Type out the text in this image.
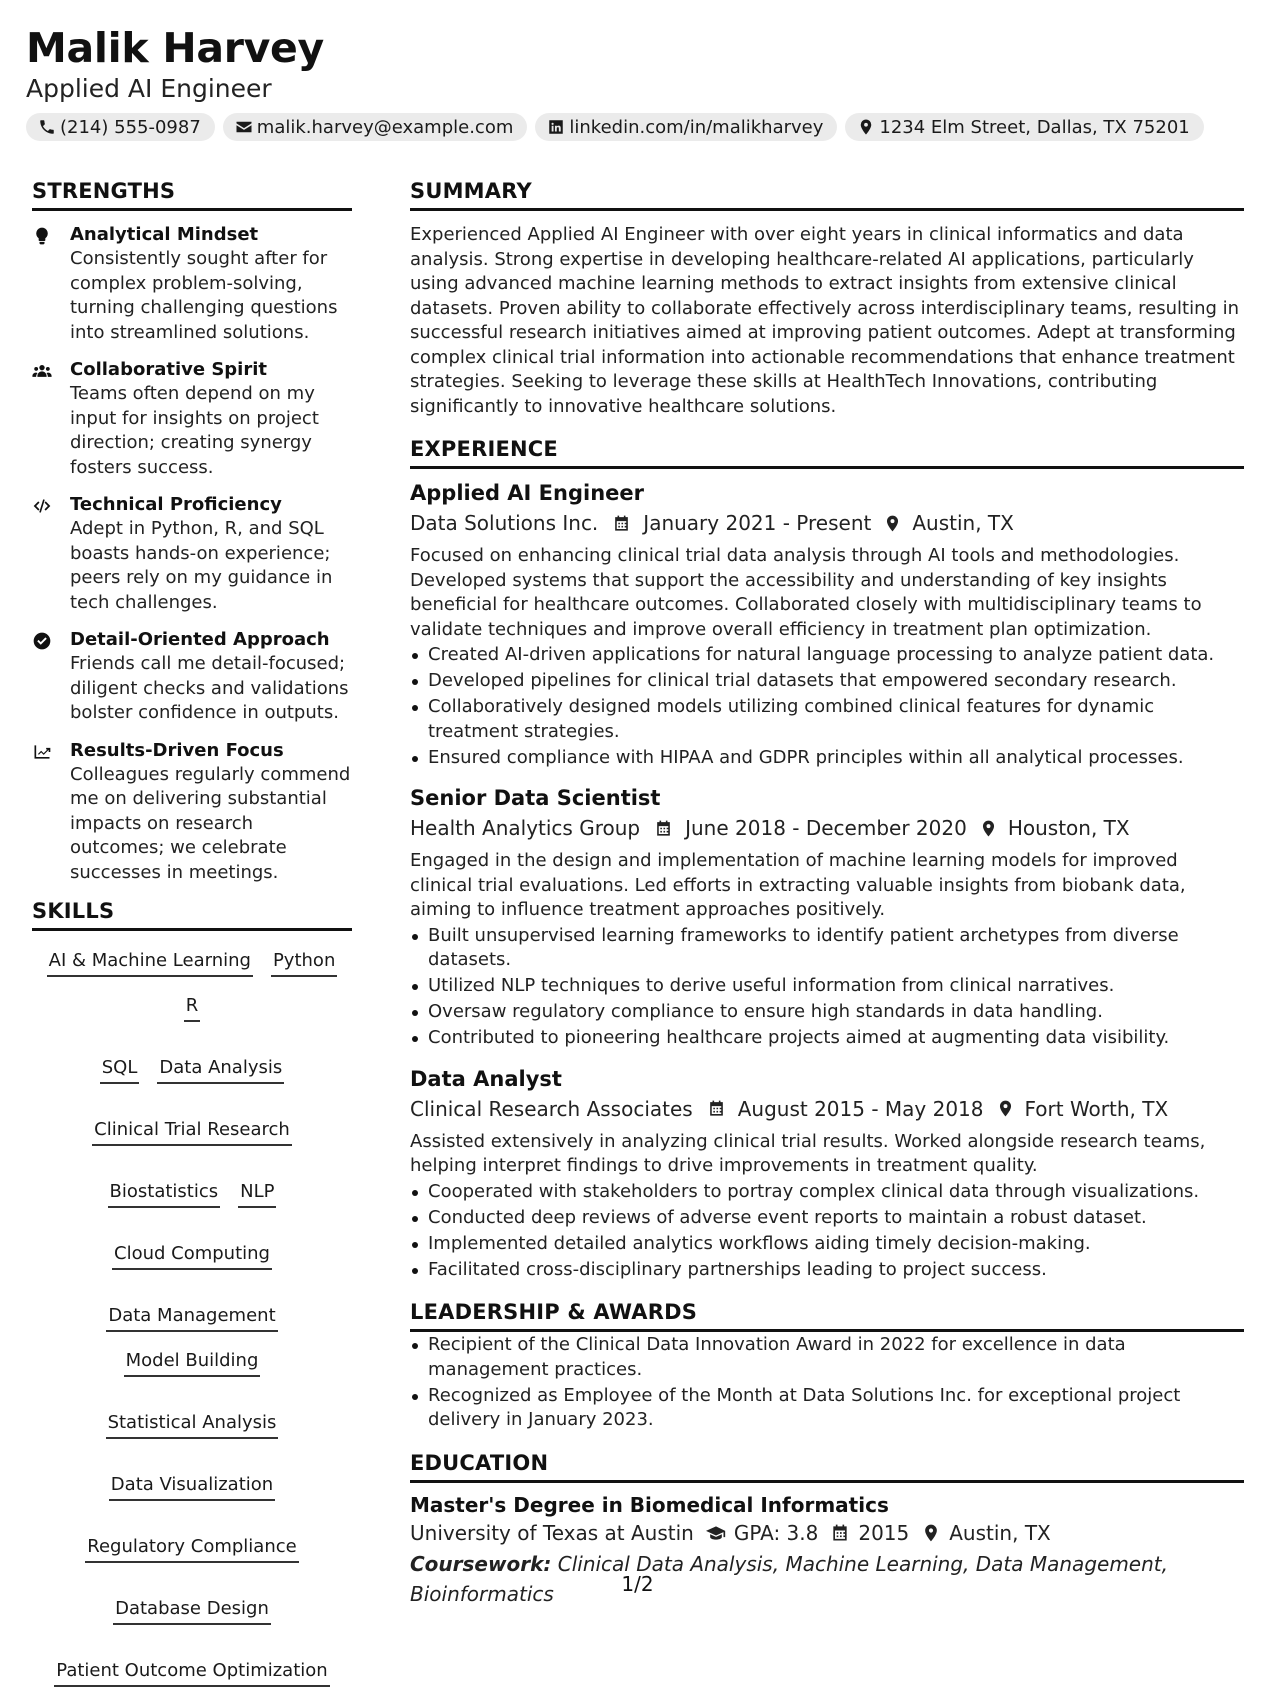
Malik Harvey
Applied AI Engineer
(214) 555-0987	malik.harvey@example.com	linkedin.com/in/malikharvey	1234 Elm Street, Dallas, TX 75201
STRENGTHS
Analytical Mindset
Consistently sought after for complex problem-solving, turning challenging questions into streamlined solutions.
Collaborative Spirit
Teams often depend on my input for insights on project direction; creating synergy fosters success.
Technical Proficiency
Adept in Python, R, and SQL boasts hands-on experience; peers rely on my guidance in tech challenges.
Detail-Oriented Approach
Friends call me detail-focused; diligent checks and validations bolster confidence in outputs.
Results-Driven Focus
Colleagues regularly commend me on delivering substantial impacts on research outcomes; we celebrate successes in meetings.
SKILLS
AI & Machine Learning Python
R
SQL Data Analysis
Clinical Trial Research
Biostatistics NLP
Cloud Computing
Data Management
Model Building
Statistical Analysis
Data Visualization
Regulatory Compliance
Database Design
Patient Outcome Optimization
SUMMARY
Experienced Applied AI Engineer with over eight years in clinical informatics and data analysis. Strong expertise in developing healthcare-related AI applications, particularly using advanced machine learning methods to extract insights from extensive clinical datasets. Proven ability to collaborate effectively across interdisciplinary teams, resulting in successful research initiatives aimed at improving patient outcomes. Adept at transforming complex clinical trial information into actionable recommendations that enhance treatment strategies. Seeking to leverage these skills at HealthTech Innovations, contributing significantly to innovative healthcare solutions.
EXPERIENCE
Applied AI Engineer
Data Solutions Inc. January 2021 - Present Austin, TX
Focused on enhancing clinical trial data analysis through AI tools and methodologies. Developed systems that support the accessibility and understanding of key insights beneficial for healthcare outcomes. Collaborated closely with multidisciplinary teams to validate techniques and improve overall efficiency in treatment plan optimization.
Created AI-driven applications for natural language processing to analyze patient data.
Developed pipelines for clinical trial datasets that empowered secondary research.
Collaboratively designed models utilizing combined clinical features for dynamic treatment strategies.
Ensured compliance with HIPAA and GDPR principles within all analytical processes.
Senior Data Scientist
Health Analytics Group June 2018 - December 2020 Houston, TX
Engaged in the design and implementation of machine learning models for improved clinical trial evaluations. Led efforts in extracting valuable insights from biobank data, aiming to influence treatment approaches positively.
Built unsupervised learning frameworks to identify patient archetypes from diverse datasets.
Utilized NLP techniques to derive useful information from clinical narratives.
Oversaw regulatory compliance to ensure high standards in data handling.
Contributed to pioneering healthcare projects aimed at augmenting data visibility.
Data Analyst
Clinical Research Associates August 2015 - May 2018 Fort Worth, TX
Assisted extensively in analyzing clinical trial results. Worked alongside research teams, helping interpret findings to drive improvements in treatment quality.
Cooperated with stakeholders to portray complex clinical data through visualizations.
Conducted deep reviews of adverse event reports to maintain a robust dataset.
Implemented detailed analytics workflows aiding timely decision-making.
Facilitated cross-disciplinary partnerships leading to project success.
LEADERSHIP & AWARDS
Recipient of the Clinical Data Innovation Award in 2022 for excellence in data management practices.
Recognized as Employee of the Month at Data Solutions Inc. for exceptional project delivery in January 2023.
EDUCATION
Master's Degree in Biomedical Informatics
University of Texas at Austin GPA: 3.8 2015 Austin, TX
Coursework: Clinical Data Analysis, Machine Learning, Data Management, Bioinformatics	1/2
